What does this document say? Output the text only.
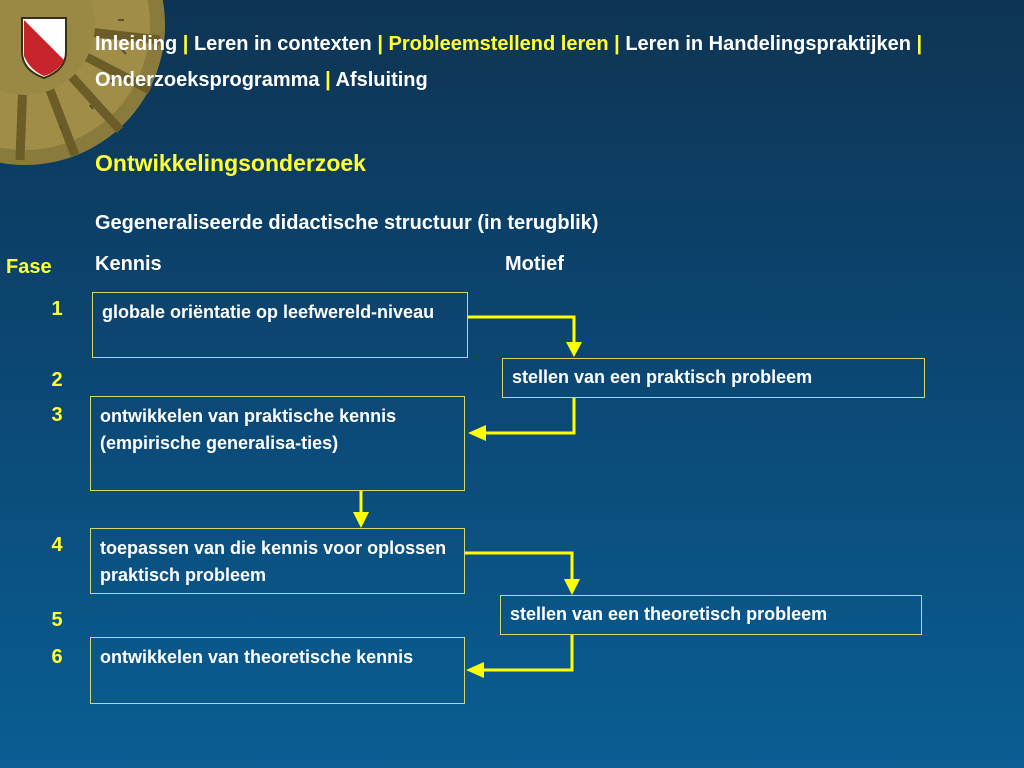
Inleiding | Leren in contexten | Probleemstellend leren | Leren in Handelingspraktijken | Onderzoeksprogramma | Afsluiting
Ontwikkelingsonderzoek
Gegeneraliseerde didactische structuur (in terugblik)
Fase Kennis	Motief
1
2
3
4
5
6
globale oriëntatie op leefwereld-niveau
ontwikkelen van praktische kennis (empirische generalisa-ties)
toepassen van die kennis voor oplossen praktisch probleem
ontwikkelen van theoretische kennis
stellen van een praktisch probleem
stellen van een theoretisch probleem
